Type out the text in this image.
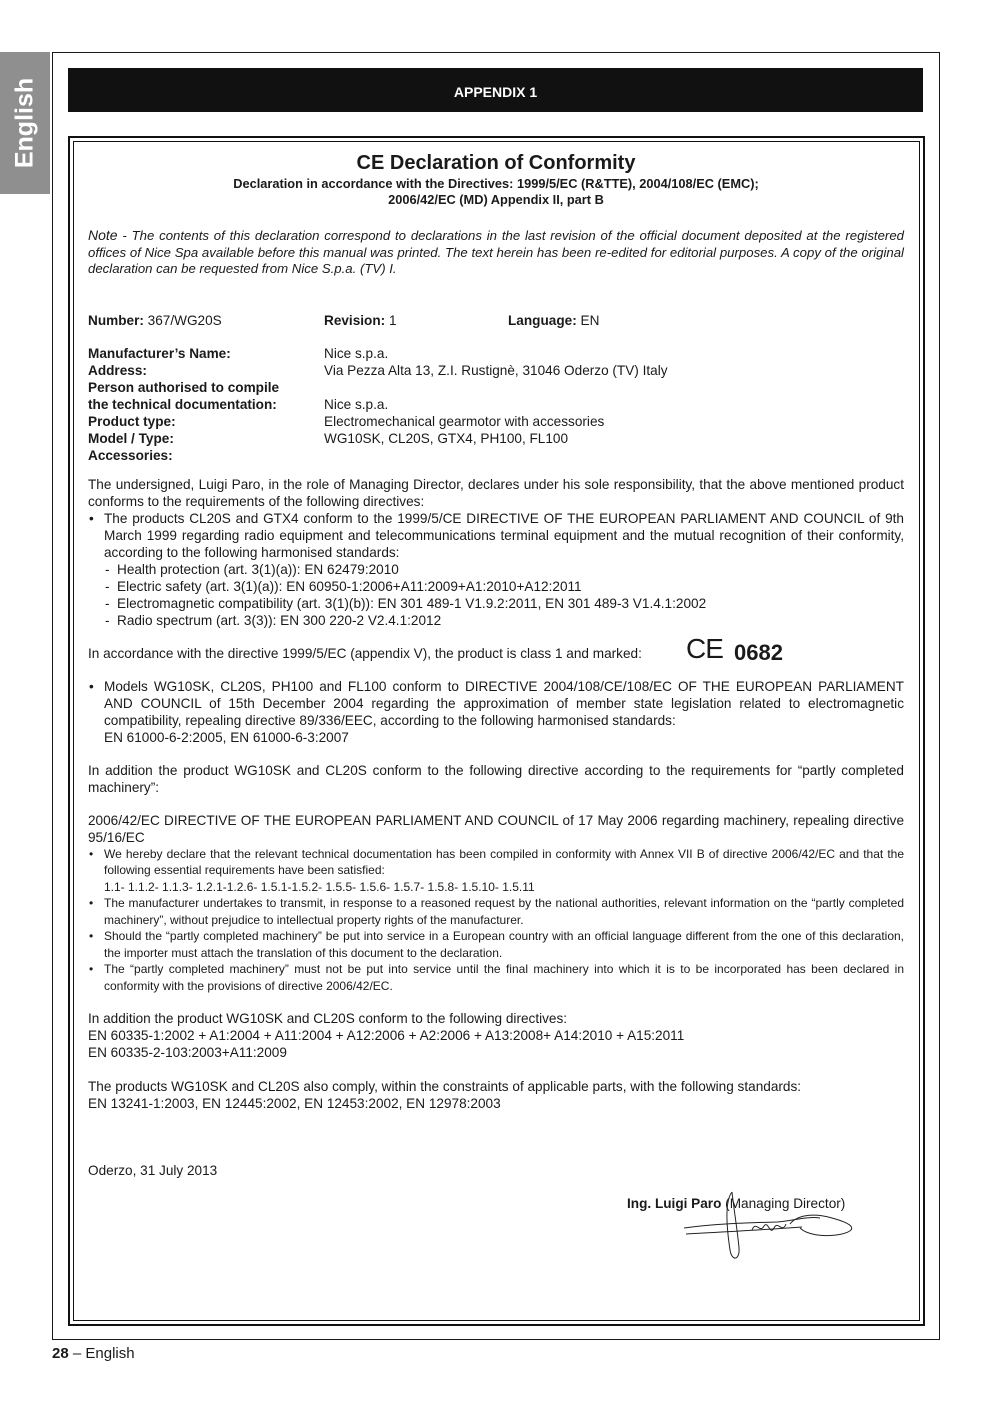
English	APPENDIX 1
CE Declaration of Conformity
Declaration in accordance with the Directives: 1999/5/EC (R&TTE), 2004/108/EC (EMC);
2006/42/EC (MD) Appendix II, part B
Note - The contents of this declaration correspond to declarations in the last revision of the official document deposited at the registered offices of Nice Spa available before this manual was printed. The text herein has been re-edited for editorial purposes. A copy of the original declaration can be requested from Nice S.p.a. (TV) I.
Number: 367/WG20S	Revision: 1	Language: EN
Manufacturer’s Name:	Nice s.p.a.
Address:	Via Pezza Alta 13, Z.I. Rustignè, 31046 Oderzo (TV) Italy
Person authorised to compile
the technical documentation:	Nice s.p.a.
Product type:	Electromechanical gearmotor with accessories
Model / Type:	WG10SK, CL20S, GTX4, PH100, FL100
Accessories:
The undersigned, Luigi Paro, in the role of Managing Director, declares under his sole responsibility, that the above mentioned product conforms to the requirements of the following directives:
• The products CL20S and GTX4 conform to the 1999/5/CE DIRECTIVE OF THE EUROPEAN PARLIAMENT AND COUNCIL of 9th March 1999 regarding radio equipment and telecommunications terminal equipment and the mutual recognition of their conformity, according to the following harmonised standards:
- Health protection (art. 3(1)(a)): EN 62479:2010
- Electric safety (art. 3(1)(a)): EN 60950-1:2006+A11:2009+A1:2010+A12:2011
- Electromagnetic compatibility (art. 3(1)(b)): EN 301 489-1 V1.9.2:2011, EN 301 489-3 V1.4.1:2002
- Radio spectrum (art. 3(3)): EN 300 220-2 V2.4.1:2012
In accordance with the directive 1999/5/EC (appendix V), the product is class 1 and marked: CE 0682
• Models WG10SK, CL20S, PH100 and FL100 conform to DIRECTIVE 2004/108/CE/108/EC OF THE EUROPEAN PARLIAMENT AND COUNCIL of 15th December 2004 regarding the approximation of member state legislation related to electromagnetic compatibility, repealing directive 89/336/EEC, according to the following harmonised standards:
EN 61000-6-2:2005, EN 61000-6-3:2007
In addition the product WG10SK and CL20S conform to the following directive according to the requirements for “partly completed machinery”:
2006/42/EC DIRECTIVE OF THE EUROPEAN PARLIAMENT AND COUNCIL of 17 May 2006 regarding machinery, repealing directive 95/16/EC
• We hereby declare that the relevant technical documentation has been compiled in conformity with Annex VII B of directive 2006/42/EC and that the following essential requirements have been satisfied:
1.1- 1.1.2- 1.1.3- 1.2.1-1.2.6- 1.5.1-1.5.2- 1.5.5- 1.5.6- 1.5.7- 1.5.8- 1.5.10- 1.5.11
• The manufacturer undertakes to transmit, in response to a reasoned request by the national authorities, relevant information on the “partly completed machinery”, without prejudice to intellectual property rights of the manufacturer.
• Should the “partly completed machinery” be put into service in a European country with an official language different from the one of this declaration, the importer must attach the translation of this document to the declaration.
• The “partly completed machinery” must not be put into service until the final machinery into which it is to be incorporated has been declared in conformity with the provisions of directive 2006/42/EC.
In addition the product WG10SK and CL20S conform to the following directives:
EN 60335-1:2002 + A1:2004 + A11:2004 + A12:2006 + A2:2006 + A13:2008+ A14:2010 + A15:2011
EN 60335-2-103:2003+A11:2009
The products WG10SK and CL20S also comply, within the constraints of applicable parts, with the following standards:
EN 13241-1:2003, EN 12445:2002, EN 12453:2002, EN 12978:2003
Oderzo, 31 July 2013
Ing. Luigi Paro (Managing Director)
28 – English
